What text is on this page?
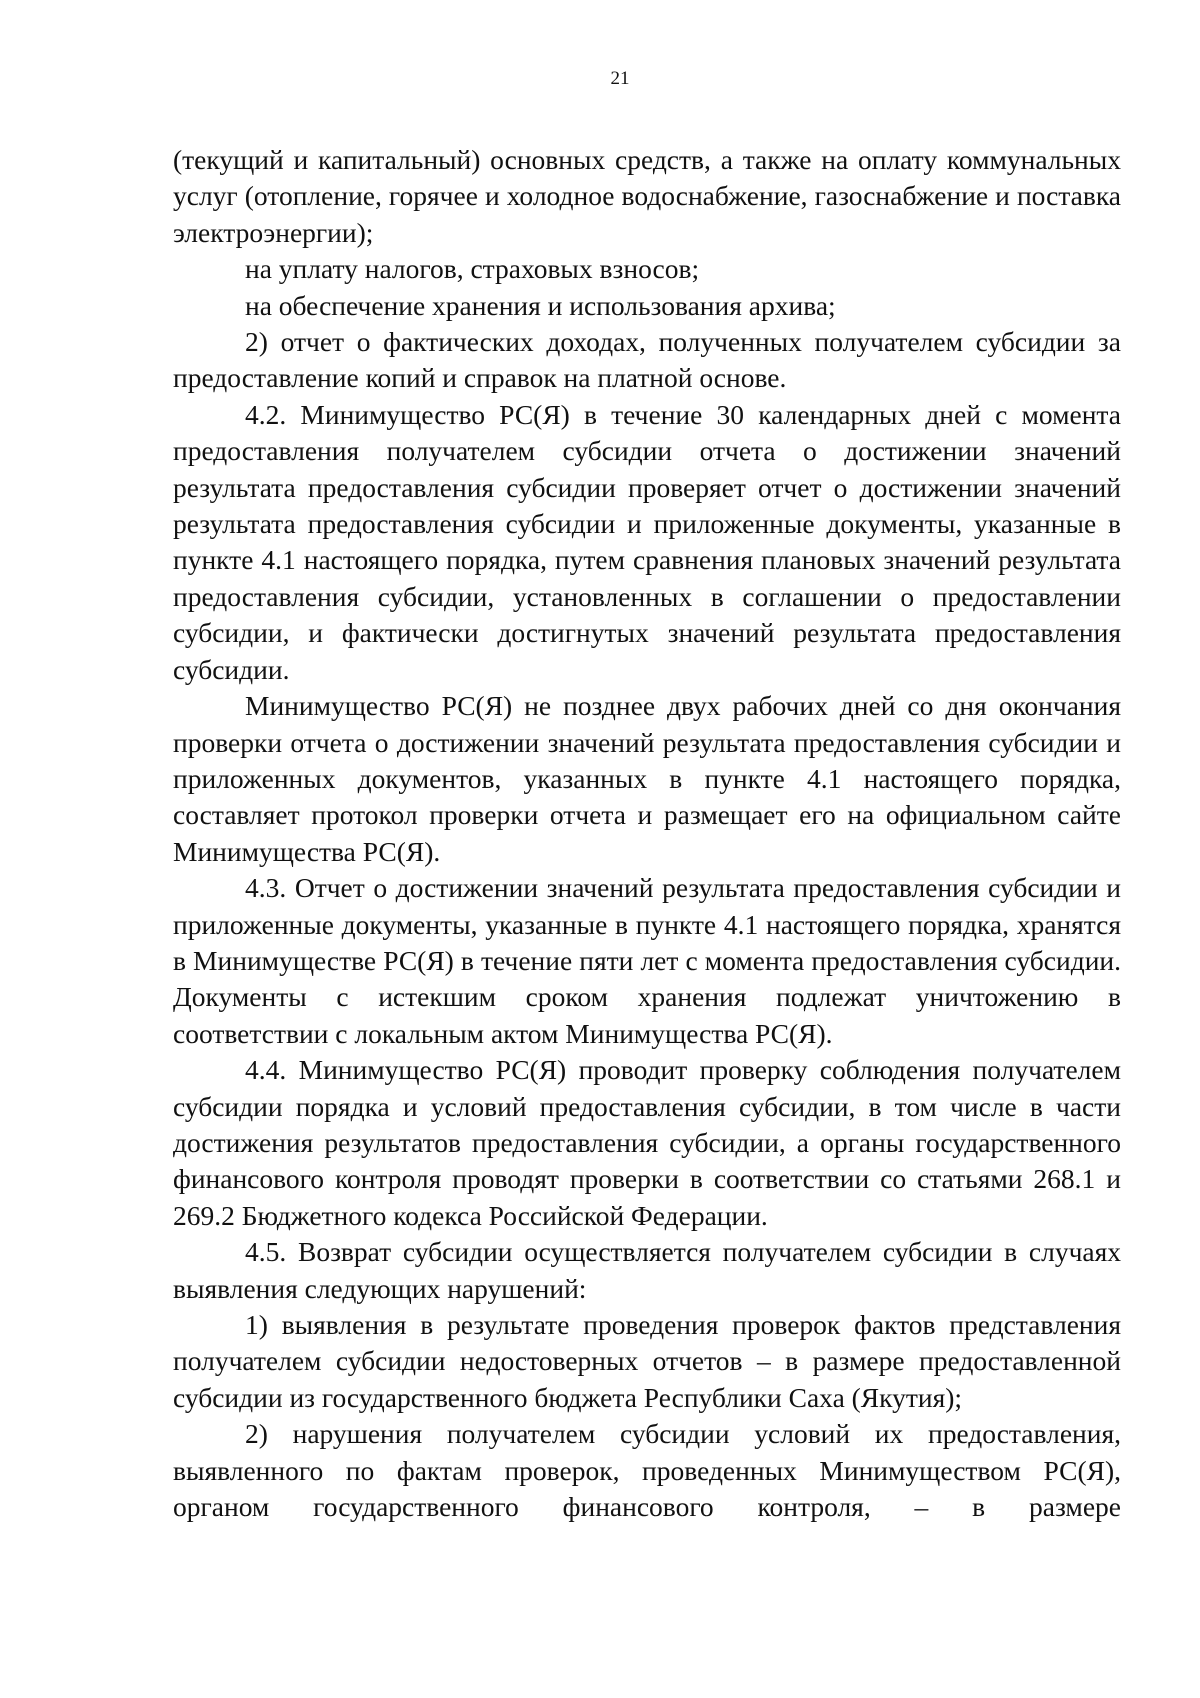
21

(текущий и капитальный) основных средств, а также на оплату коммунальных услуг (отопление, горячее и холодное водоснабжение, газоснабжение и поставка электроэнергии);

на уплату налогов, страховых взносов;

на обеспечение хранения и использования архива;

2) отчет о фактических доходах, полученных получателем субсидии за предоставление копий и справок на платной основе.

4.2. Минимущество РС(Я) в течение 30 календарных дней с момента предоставления получателем субсидии отчета о достижении значений результата предоставления субсидии проверяет отчет о достижении значений результата предоставления субсидии и приложенные документы, указанные в пункте 4.1 настоящего порядка, путем сравнения плановых значений результата предоставления субсидии, установленных в соглашении о предоставлении субсидии, и фактически достигнутых значений результата предоставления субсидии.

Минимущество РС(Я) не позднее двух рабочих дней со дня окончания проверки отчета о достижении значений результата предоставления субсидии и приложенных документов, указанных в пункте 4.1 настоящего порядка, составляет протокол проверки отчета и размещает его на официальном сайте Минимущества РС(Я).

4.3. Отчет о достижении значений результата предоставления субсидии и приложенные документы, указанные в пункте 4.1 настоящего порядка, хранятся в Минимуществе РС(Я) в течение пяти лет с момента предоставления субсидии. Документы с истекшим сроком хранения подлежат уничтожению в соответствии с локальным актом Минимущества РС(Я).

4.4. Минимущество РС(Я) проводит проверку соблюдения получателем субсидии порядка и условий предоставления субсидии, в том числе в части достижения результатов предоставления субсидии, а органы государственного финансового контроля проводят проверки в соответствии со статьями 268.1 и 269.2 Бюджетного кодекса Российской Федерации.

4.5. Возврат субсидии осуществляется получателем субсидии в случаях выявления следующих нарушений:

1) выявления в результате проведения проверок фактов представления получателем субсидии недостоверных отчетов – в размере предоставленной субсидии из государственного бюджета Республики Саха (Якутия);

2) нарушения получателем субсидии условий их предоставления, выявленного по фактам проверок, проведенных Минимуществом РС(Я), органом государственного финансового контроля, – в размере
